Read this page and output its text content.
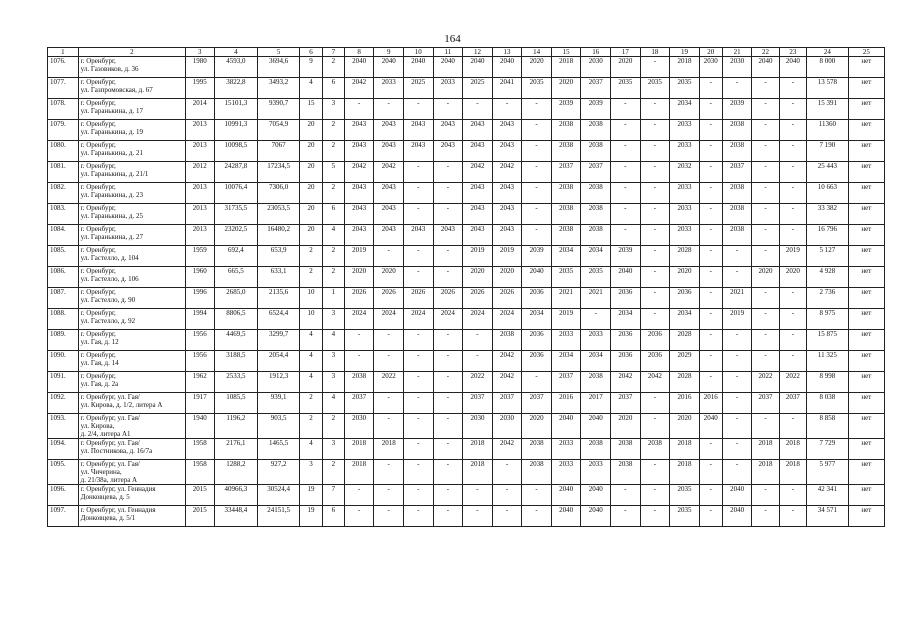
164
1	2	3	4	5	6	7	8	9	10	11	12	13	14	15	16	17	18	19	20	21	22	23	24	25
1076.	г. Оренбург,
ул. Газовиков, д. 36	1980	4593,0	3694,6	9	2	2040	2040	2040	2040	2040	2040	2020	2018	2030	2020	-	2018	2030	2030	2040	2040	8 000	нет
1077.	г. Оренбург,
ул. Газпромовская, д. 67	1995	3822,8	3493,2	4	6	2042	2033	2025	2033	2025	2041	2035	2020	2037	2035	2035	2035	-	-	-	-	13 578	нет
1078.	г. Оренбург,
ул. Гаранькина, д. 17	2014	15101,3	9390,7	15	3	-	-	-	-	-	-	-	2039	2039	-	-	2034	-	2039	-	-	15 391	нет
1079.	г. Оренбург,
ул. Гаранькина, д. 19	2013	10991,3	7054,9	20	2	2043	2043	2043	2043	2043	2043	-	2038	2038	-	-	2033	-	2038	-	-	11360	нет
1080.	г. Оренбург,
ул. Гаранькина, д. 21	2013	10098,5	7067	20	2	2043	2043	2043	2043	2043	2043	-	2038	2038	-	-	2033	-	2038	-	-	7 190	нет
1081.	г. Оренбург,
ул. Гаранькина, д. 21/1	2012	24287,8	17234,5	20	5	2042	2042	-	-	2042	2042	-	2037	2037	-	-	2032	-	2037	-	-	25 443	нет
1082.	г. Оренбург,
ул. Гаранькина, д. 23	2013	10076,4	7306,0	20	2	2043	2043	-	-	2043	2043	-	2038	2038	-	-	2033	-	2038	-	-	10 663	нет
1083.	г. Оренбург,
ул. Гаранькина, д. 25	2013	31735,5	23053,5	20	6	2043	2043	-	-	2043	2043	-	2038	2038	-	-	2033	-	2038	-	-	33 382	нет
1084.	г. Оренбург,
ул. Гаранькина, д. 27	2013	23202,5	16480,2	20	4	2043	2043	2043	2043	2043	2043	-	2038	2038	-	-	2033	-	2038	-	-	16 796	нет
1085.	г. Оренбург,
ул. Гастелло, д. 104	1959	692,4	653,9	2	2	2019	-	-	-	2019	2019	2039	2034	2034	2039	-	2028	-	-	-	2019	5 127	нет
1086.	г. Оренбург,
ул. Гастелло, д. 106	1960	665,5	633,1	2	2	2020	2020	-	-	2020	2020	2040	2035	2035	2040	-	2020	-	-	2020	2020	4 928	нет
1087.	г. Оренбург,
ул. Гастелло, д. 90	1996	2685,0	2135,6	10	1	2026	2026	2026	2026	2026	2026	2036	2021	2021	2036	-	2036	-	2021	-	-	2 736	нет
1088.	г. Оренбург,
ул. Гастелло, д. 92	1994	8806,5	6524,4	10	3	2024	2024	2024	2024	2024	2024	2034	2019	-	2034	-	2034	-	2019	-	-	8 975	нет
1089.	г. Оренбург,
ул. Гая, д. 12	1956	4469,5	3299,7	4	4	-	-	-	-	-	2038	2036	2033	2033	2036	2036	2028	-	-	-	-	15 875	нет
1090.	г. Оренбург,
ул. Гая, д. 14	1956	3188,5	2054,4	4	3	-	-	-	-	-	2042	2036	2034	2034	2036	2036	2029	-	-	-	-	11 325	нет
1091.	г. Оренбург,
ул. Гая, д. 2а	1962	2533,5	1912,3	4	3	2038	2022	-	-	2022	2042	-	2037	2038	2042	2042	2028	-	-	2022	2022	8 998	нет
1092.	г. Оренбург, ул. Гая/
ул. Кирова, д. 1/2, литера А	1917	1085,5	939,1	2	4	2037	-	-	-	2037	2037	2037	2016	2017	2037	-	2016	2016	-	2037	2037	8 038	нет
1093.	г. Оренбург, ул. Гая/
ул. Кирова,
д. 2/4, литера А1	1940	1196,2	903,5	2	2	2030	-	-	-	2030	2030	2020	2040	2040	2020	-	2020	2040	-	-	-	8 858	нет
1094.	г. Оренбург, ул. Гая/
ул. Постникова, д. 16/7а	1958	2176,1	1465,5	4	3	2018	2018	-	-	2018	2042	2038	2033	2038	2038	2038	2018	-	-	2018	2018	7 729	нет
1095.	г. Оренбург, ул. Гая/
ул. Чичерина,
д. 21/38а, литера А	1958	1288,2	927,2	3	2	2018	-	-	-	2018	-	2038	2033	2033	2038	-	2018	-	-	2018	2018	5 977	нет
1096.	г. Оренбург, ул. Геннадия
Донковцева, д. 5	2015	40966,3	30524,4	19	7	-	-	-	-	-	-	-	2040	2040	-	-	2035	-	2040	-	-	42 341	нет
1097.	г. Оренбург, ул. Геннадия
Донковцева, д. 5/1	2015	33448,4	24151,5	19	6	-	-	-	-	-	-	-	2040	2040	-	-	2035	-	2040	-	-	34 571	нет
